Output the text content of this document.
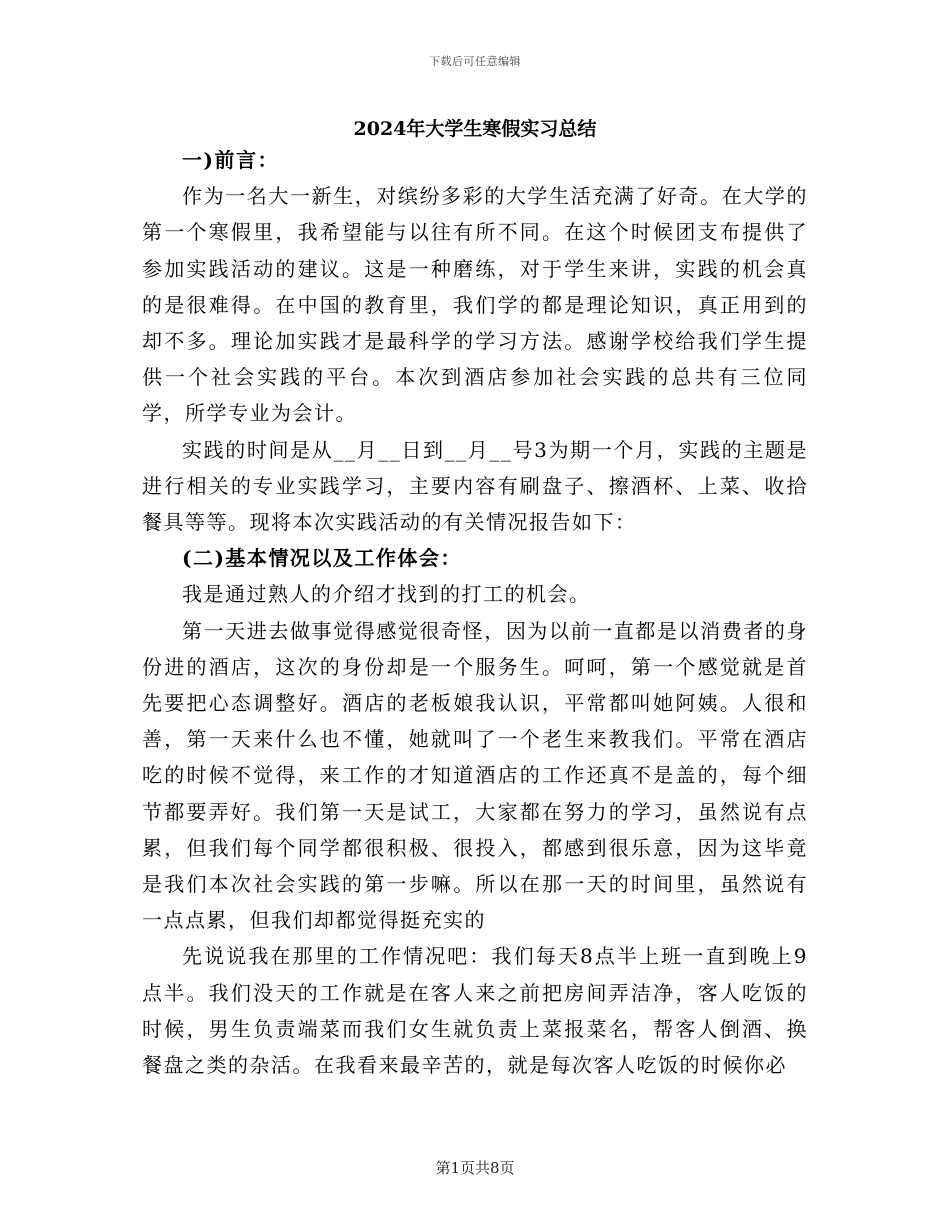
下载后可任意编辑
2024年大学生寒假实习总结

一)前言：

作为一名大一新生，对缤纷多彩的大学生活充满了好奇。在大学的第一个寒假里，我希望能与以往有所不同。在这个时候团支布提供了参加实践活动的建议。这是一种磨练，对于学生来讲，实践的机会真的是很难得。在中国的教育里，我们学的都是理论知识，真正用到的却不多。理论加实践才是最科学的学习方法。感谢学校给我们学生提供一个社会实践的平台。本次到酒店参加社会实践的总共有三位同学，所学专业为会计。

实践的时间是从__月__日到__月__号3为期一个月，实践的主题是进行相关的专业实践学习，主要内容有刷盘子、擦酒杯、上菜、收拾餐具等等。现将本次实践活动的有关情况报告如下：

(二)基本情况以及工作体会：

我是通过熟人的介绍才找到的打工的机会。

第一天进去做事觉得感觉很奇怪，因为以前一直都是以消费者的身份进的酒店，这次的身份却是一个服务生。呵呵，第一个感觉就是首先要把心态调整好。酒店的老板娘我认识，平常都叫她阿姨。人很和善，第一天来什么也不懂，她就叫了一个老生来教我们。平常在酒店吃的时候不觉得，来工作的才知道酒店的工作还真不是盖的，每个细节都要弄好。我们第一天是试工，大家都在努力的学习，虽然说有点累，但我们每个同学都很积极、很投入，都感到很乐意，因为这毕竟是我们本次社会实践的第一步嘛。所以在那一天的时间里，虽然说有一点点累，但我们却都觉得挺充实的

先说说我在那里的工作情况吧：我们每天8点半上班一直到晚上9点半。我们没天的工作就是在客人来之前把房间弄洁净，客人吃饭的时候，男生负责端菜而我们女生就负责上菜报菜名，帮客人倒酒、换餐盘之类的杂活。在我看来最辛苦的，就是每次客人吃饭的时候你必

第1页共8页
